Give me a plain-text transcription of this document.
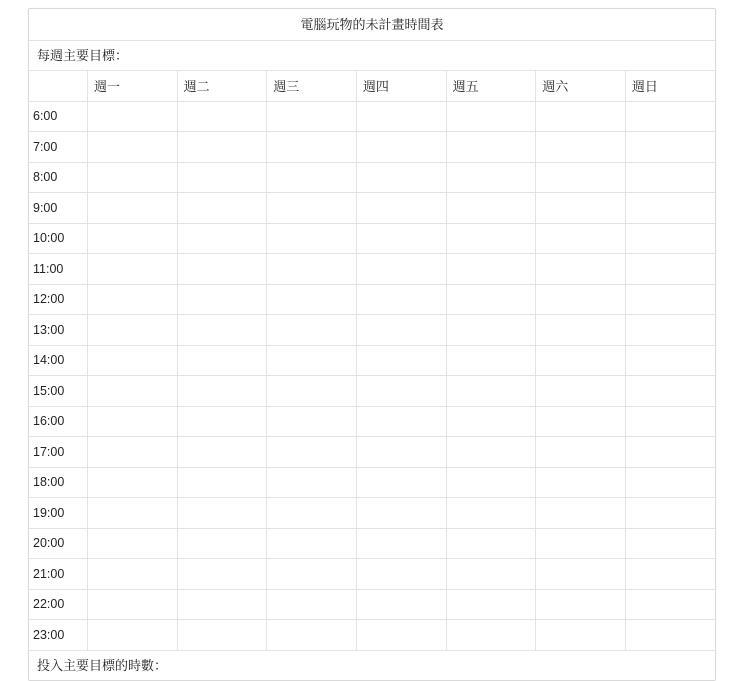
電腦玩物的未計畫時間表
每週主要目標：
	週一	週二	週三	週四	週五	週六	週日
6:00							
7:00							
8:00							
9:00							
10:00							
11:00							
12:00							
13:00							
14:00							
15:00							
16:00							
17:00							
18:00							
19:00							
20:00							
21:00							
22:00							
23:00							
投入主要目標的時數：
